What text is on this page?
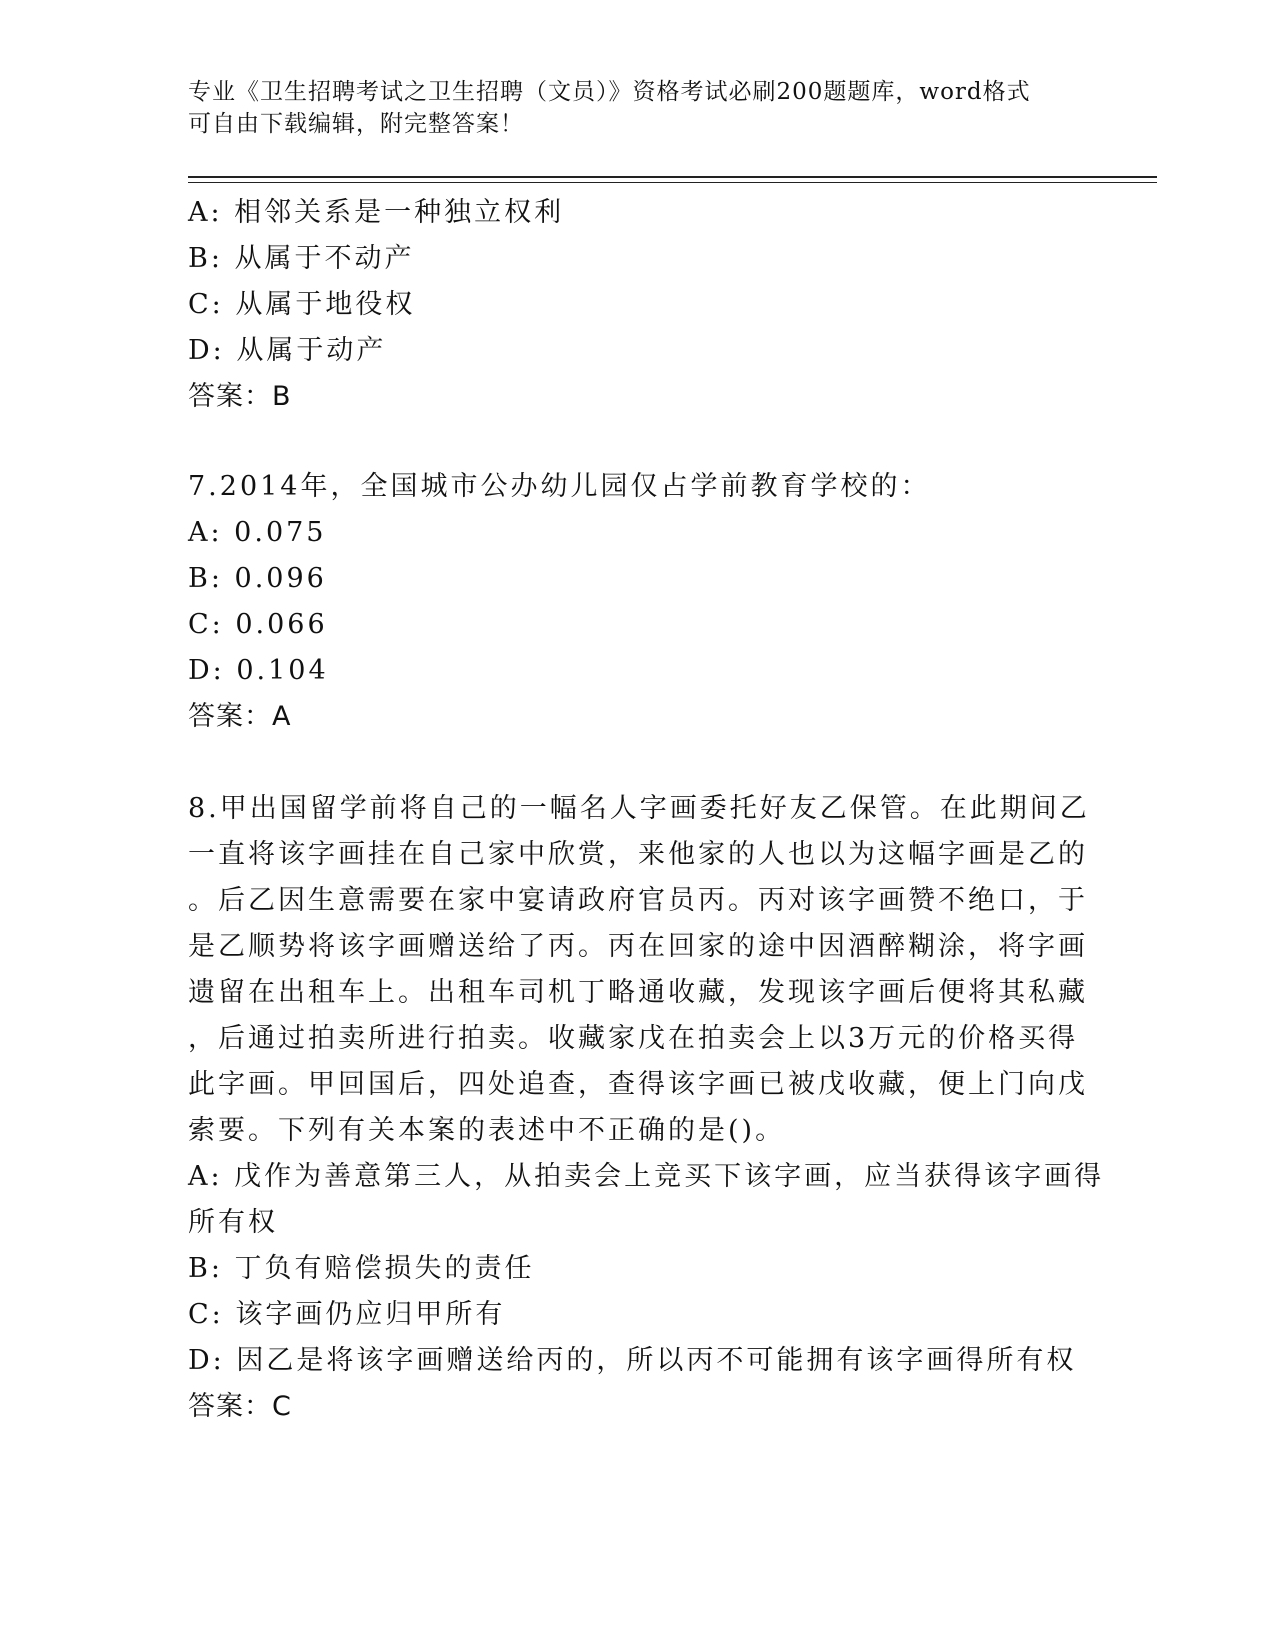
专业《卫生招聘考试之卫生招聘（文员）》资格考试必刷200题题库，word格式
可自由下载编辑，附完整答案！
A: 相邻关系是一种独立权利
B: 从属于不动产
C: 从属于地役权
D: 从属于动产
答案：B
7.2014年，全国城市公办幼儿园仅占学前教育学校的：
A: 0.075
B: 0.096
C: 0.066
D: 0.104
答案：A
8.甲出国留学前将自己的一幅名人字画委托好友乙保管。在此期间乙
一直将该字画挂在自己家中欣赏，来他家的人也以为这幅字画是乙的
。后乙因生意需要在家中宴请政府官员丙。丙对该字画赞不绝口，于
是乙顺势将该字画赠送给了丙。丙在回家的途中因酒醉糊涂，将字画
遗留在出租车上。出租车司机丁略通收藏，发现该字画后便将其私藏
，后通过拍卖所进行拍卖。收藏家戊在拍卖会上以3万元的价格买得
此字画。甲回国后，四处追查，查得该字画已被戊收藏，便上门向戊
索要。下列有关本案的表述中不正确的是()。
A: 戊作为善意第三人，从拍卖会上竞买下该字画，应当获得该字画得
所有权
B: 丁负有赔偿损失的责任
C: 该字画仍应归甲所有
D: 因乙是将该字画赠送给丙的，所以丙不可能拥有该字画得所有权
答案：C
